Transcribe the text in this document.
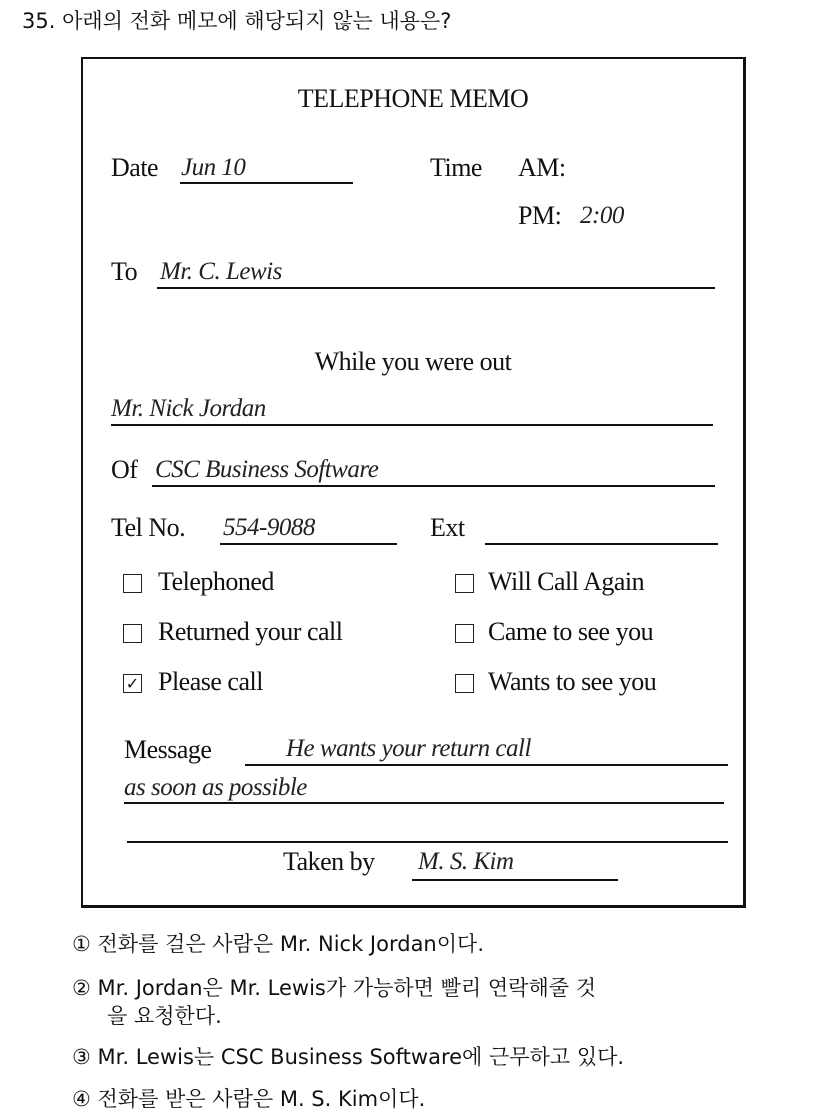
35. 아래의 전화 메모에 해당되지 않는 내용은?
TELEPHONE MEMO
Date Jun 10	Time AM:
PM: 2:00
To Mr. C. Lewis
While you were out
Mr. Nick Jordan
Of CSC Business Software
Tel No. 554-9088	Ext
Telephoned	Will Call Again
Returned your call	Came to see you
✓ Please call	Wants to see you
Message	He wants your return call
as soon as possible
Taken by M. S. Kim
① 전화를 걸은 사람은 Mr. Nick Jordan이다.
② Mr. Jordan은 Mr. Lewis가 가능하면 빨리 연락해줄 것
을 요청한다.
③ Mr. Lewis는 CSC Business Software에 근무하고 있다.
④ 전화를 받은 사람은 M. S. Kim이다.
